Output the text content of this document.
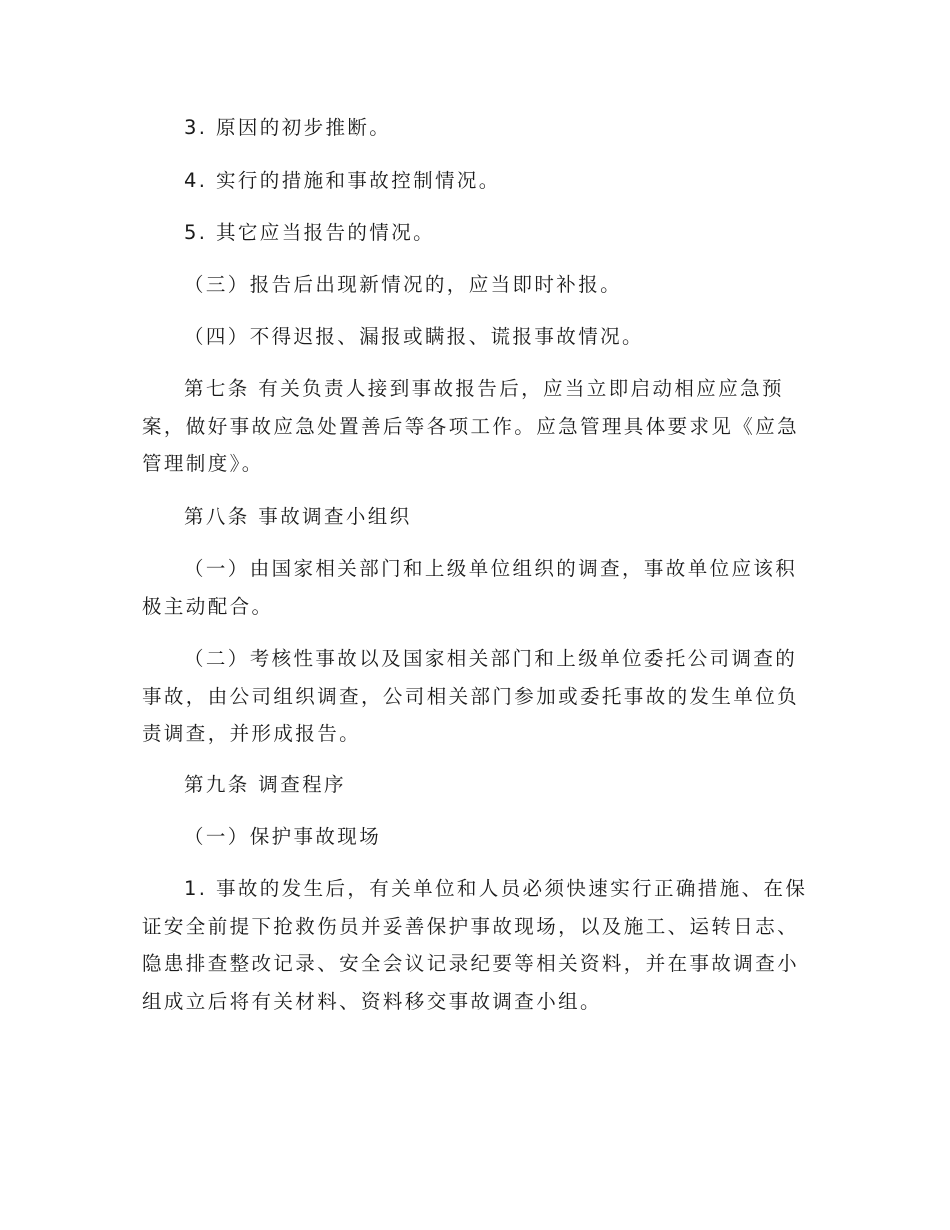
3. 原因的初步推断。

4. 实行的措施和事故控制情况。

5. 其它应当报告的情况。

（三）报告后出现新情况的，应当即时补报。

（四）不得迟报、漏报或瞒报、谎报事故情况。

第七条 有关负责人接到事故报告后，应当立即启动相应应急预案，做好事故应急处置善后等各项工作。应急管理具体要求见《应急管理制度》。

第八条 事故调查小组织

（一）由国家相关部门和上级单位组织的调查，事故单位应该积极主动配合。

（二）考核性事故以及国家相关部门和上级单位委托公司调查的事故，由公司组织调查，公司相关部门参加或委托事故的发生单位负责调查，并形成报告。

第九条 调查程序

（一）保护事故现场

1. 事故的发生后，有关单位和人员必须快速实行正确措施、在保证安全前提下抢救伤员并妥善保护事故现场，以及施工、运转日志、隐患排查整改记录、安全会议记录纪要等相关资料，并在事故调查小组成立后将有关材料、资料移交事故调查小组。
